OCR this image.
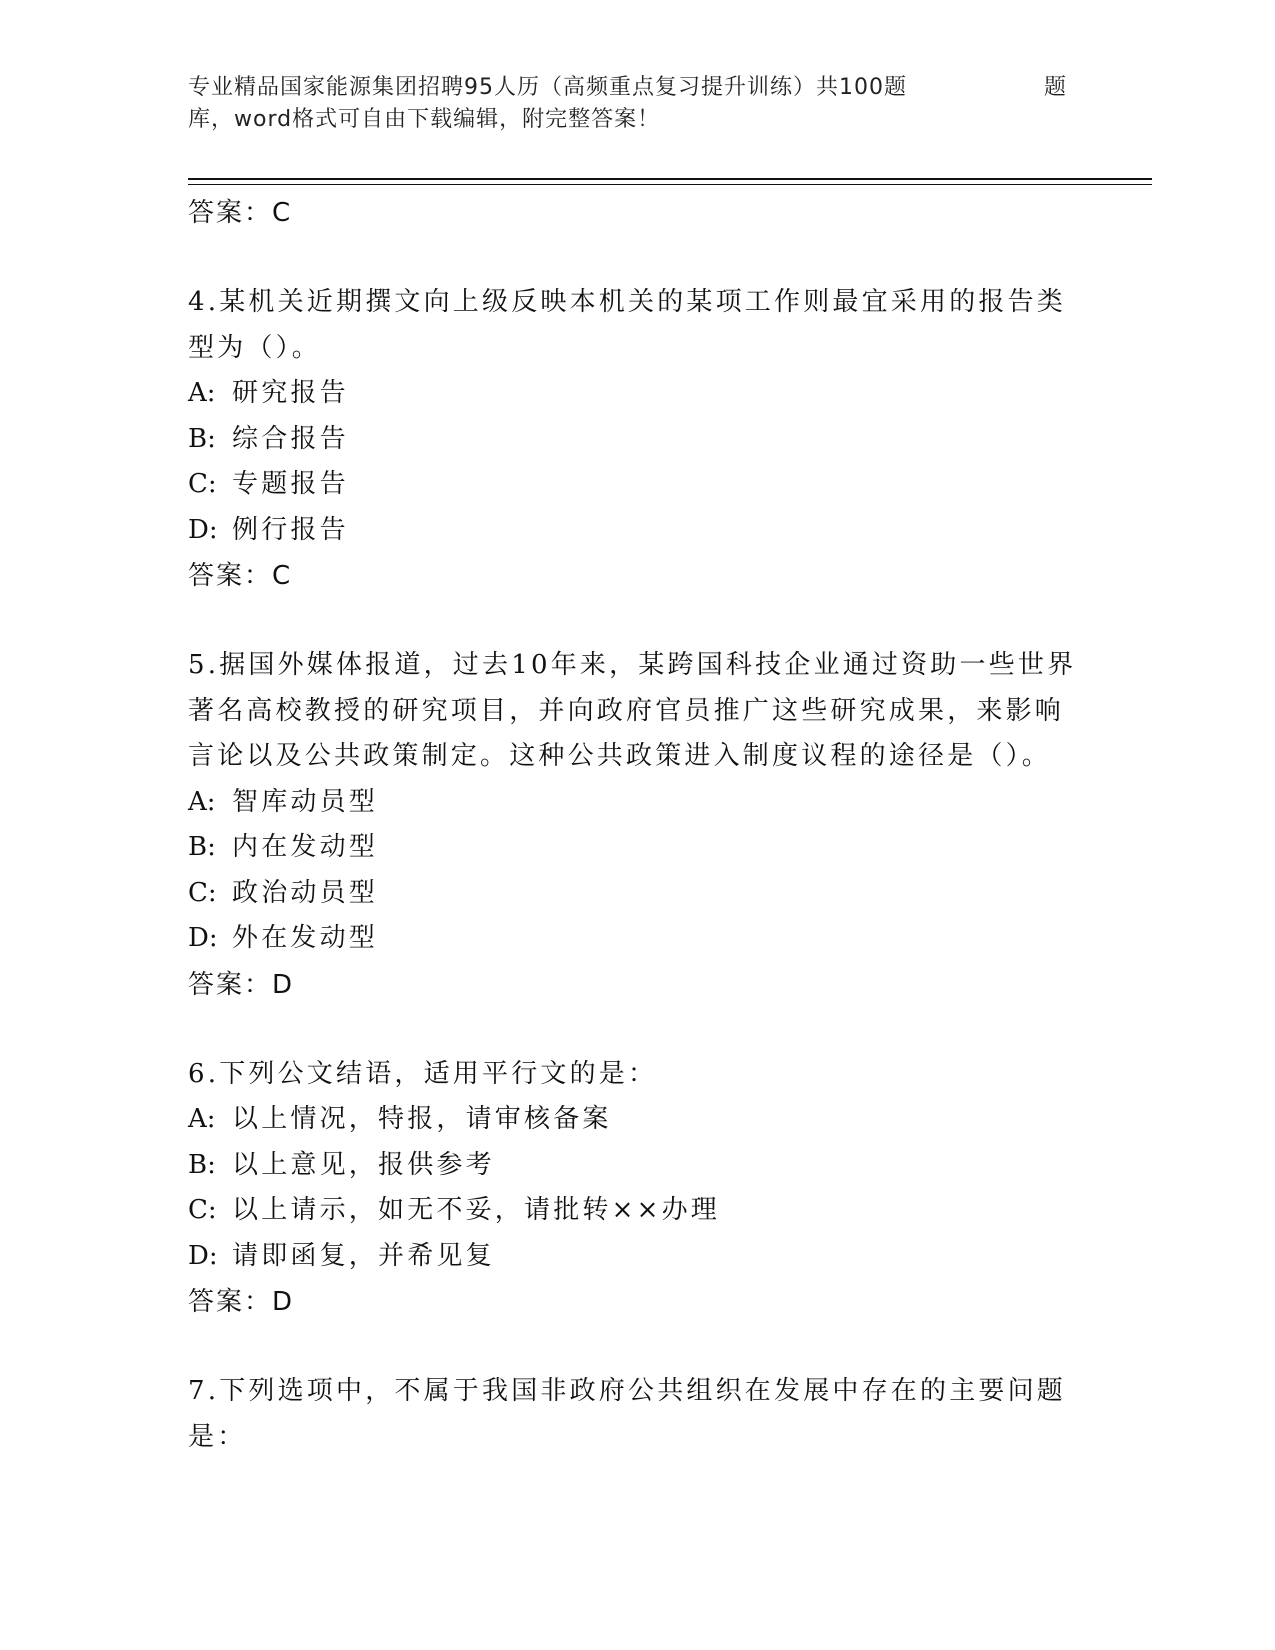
专业精品国家能源集团招聘95人历（高频重点复习提升训练）共100题	题
库，word格式可自由下载编辑，附完整答案！
答案：C
4.某机关近期撰文向上级反映本机关的某项工作则最宜采用的报告类型为（）。
A: 研究报告
B: 综合报告
C: 专题报告
D: 例行报告
答案：C
5.据国外媒体报道，过去10年来，某跨国科技企业通过资助一些世界著名高校教授的研究项目，并向政府官员推广这些研究成果，来影响言论以及公共政策制定。这种公共政策进入制度议程的途径是（）。
A: 智库动员型
B: 内在发动型
C: 政治动员型
D: 外在发动型
答案：D
6.下列公文结语，适用平行文的是：
A: 以上情况，特报，请审核备案
B: 以上意见，报供参考
C: 以上请示，如无不妥，请批转××办理
D: 请即函复，并希见复
答案：D
7.下列选项中，不属于我国非政府公共组织在发展中存在的主要问题是：
